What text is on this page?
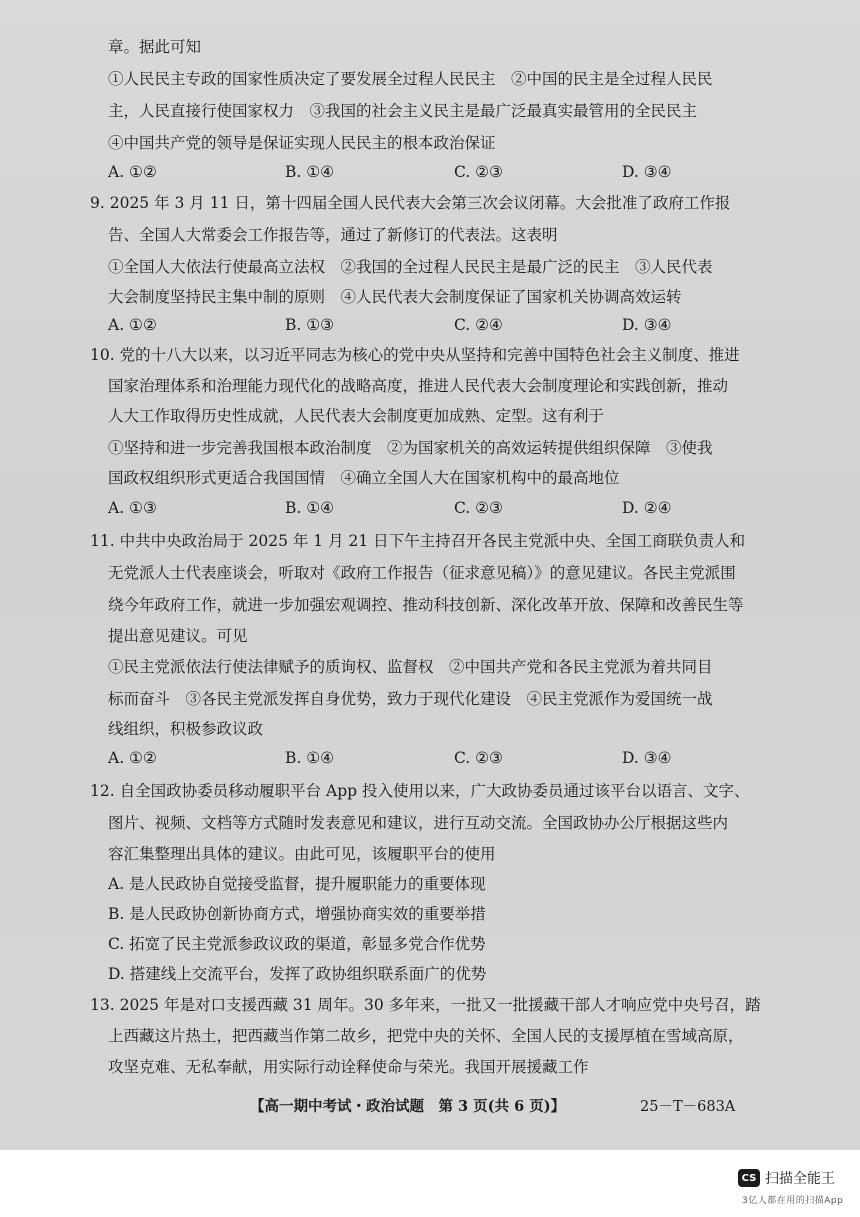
章。据此可知
①人民民主专政的国家性质决定了要发展全过程人民民主　②中国的民主是全过程人民民
主，人民直接行使国家权力　③我国的社会主义民主是最广泛最真实最管用的全民民主
④中国共产党的领导是保证实现人民民主的根本政治保证
A. ①②	B. ①④	C. ②③	D. ③④
9. 2025 年 3 月 11 日，第十四届全国人民代表大会第三次会议闭幕。大会批准了政府工作报
告、全国人大常委会工作报告等，通过了新修订的代表法。这表明
①全国人大依法行使最高立法权　②我国的全过程人民民主是最广泛的民主　③人民代表
大会制度坚持民主集中制的原则　④人民代表大会制度保证了国家机关协调高效运转
A. ①②	B. ①③	C. ②④	D. ③④
10. 党的十八大以来，以习近平同志为核心的党中央从坚持和完善中国特色社会主义制度、推进
国家治理体系和治理能力现代化的战略高度，推进人民代表大会制度理论和实践创新，推动
人大工作取得历史性成就，人民代表大会制度更加成熟、定型。这有利于
①坚持和进一步完善我国根本政治制度　②为国家机关的高效运转提供组织保障　③使我
国政权组织形式更适合我国国情　④确立全国人大在国家机构中的最高地位
A. ①③	B. ①④	C. ②③	D. ②④
11. 中共中央政治局于 2025 年 1 月 21 日下午主持召开各民主党派中央、全国工商联负责人和
无党派人士代表座谈会，听取对《政府工作报告（征求意见稿）》的意见建议。各民主党派围
绕今年政府工作，就进一步加强宏观调控、推动科技创新、深化改革开放、保障和改善民生等
提出意见建议。可见
①民主党派依法行使法律赋予的质询权、监督权　②中国共产党和各民主党派为着共同目
标而奋斗　③各民主党派发挥自身优势，致力于现代化建设　④民主党派作为爱国统一战
线组织，积极参政议政
A. ①②	B. ①④	C. ②③	D. ③④
12. 自全国政协委员移动履职平台 App 投入使用以来，广大政协委员通过该平台以语言、文字、
图片、视频、文档等方式随时发表意见和建议，进行互动交流。全国政协办公厅根据这些内
容汇集整理出具体的建议。由此可见，该履职平台的使用
A. 是人民政协自觉接受监督，提升履职能力的重要体现
B. 是人民政协创新协商方式，增强协商实效的重要举措
C. 拓宽了民主党派参政议政的渠道，彰显多党合作优势
D. 搭建线上交流平台，发挥了政协组织联系面广的优势
13. 2025 年是对口支援西藏 31 周年。30 多年来，一批又一批援藏干部人才响应党中央号召，踏
上西藏这片热土，把西藏当作第二故乡，把党中央的关怀、全国人民的支援厚植在雪域高原，
攻坚克难、无私奉献，用实际行动诠释使命与荣光。我国开展援藏工作
【高一期中考试・政治试题　第 3 页(共 6 页)】	25－T－683A
CS 扫描全能王
3亿人都在用的扫描App
